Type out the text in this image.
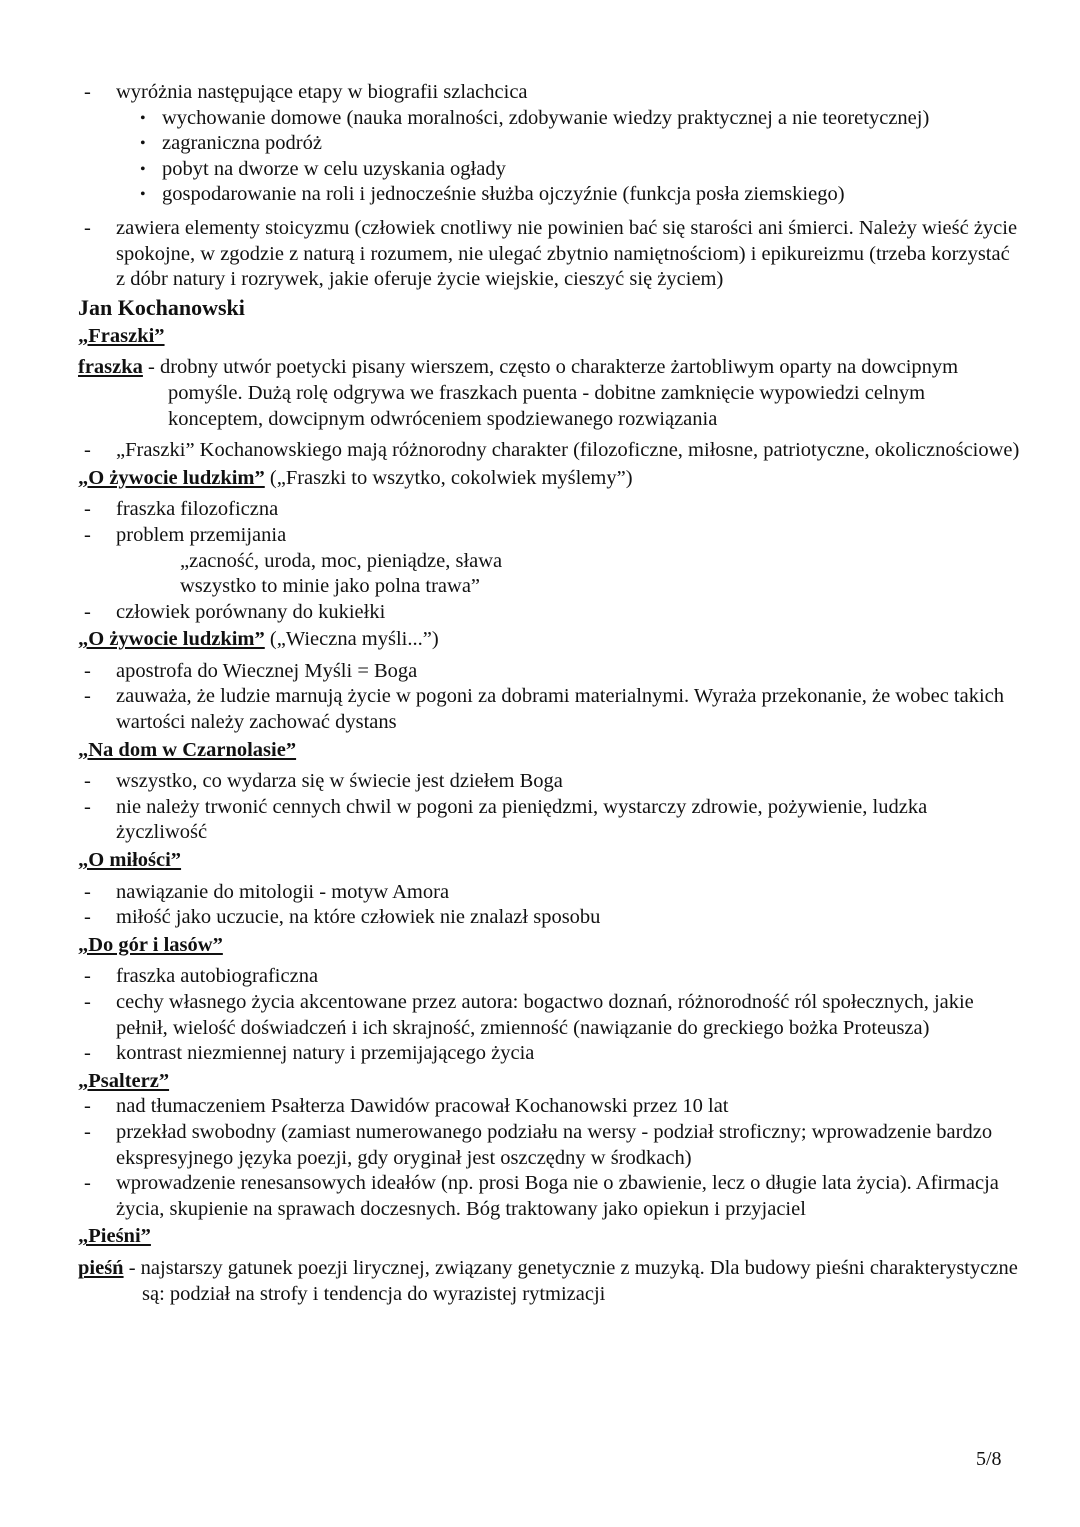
- wyróżnia następujące etapy w biografii szlachcica
• wychowanie domowe (nauka moralności, zdobywanie wiedzy praktycznej a nie teoretycznej)
• zagraniczna podróż
• pobyt na dworze w celu uzyskania ogłady
• gospodarowanie na roli i jednocześnie służba ojczyźnie (funkcja posła ziemskiego)
- zawiera elementy stoicyzmu (człowiek cnotliwy nie powinien bać się starości ani śmierci. Należy wieść życie spokojne, w zgodzie z naturą i rozumem, nie ulegać zbytnio namiętnościom) i epikureizmu (trzeba korzystać z dóbr natury i rozrywek, jakie oferuje życie wiejskie, cieszyć się życiem)
Jan Kochanowski
„Fraszki”
fraszka - drobny utwór poetycki pisany wierszem, często o charakterze żartobliwym oparty na dowcipnym pomyśle. Dużą rolę odgrywa we fraszkach puenta - dobitne zamknięcie wypowiedzi celnym konceptem, dowcipnym odwróceniem spodziewanego rozwiązania
- „Fraszki” Kochanowskiego mają różnorodny charakter (filozoficzne, miłosne, patriotyczne, okolicznościowe)
„O żywocie ludzkim” („Fraszki to wszytko, cokolwiek myślemy”)
- fraszka filozoficzna
- problem przemijania
„zacność, uroda, moc, pieniądze, sława
wszystko to minie jako polna trawa”
- człowiek porównany do kukiełki
„O żywocie ludzkim” („Wieczna myśli...”)
- apostrofa do Wiecznej Myśli = Boga
- zauważa, że ludzie marnują życie w pogoni za dobrami materialnymi. Wyraża przekonanie, że wobec takich wartości należy zachować dystans
„Na dom w Czarnolasie”
- wszystko, co wydarza się w świecie jest dziełem Boga
- nie należy trwonić cennych chwil w pogoni za pieniędzmi, wystarczy zdrowie, pożywienie, ludzka życzliwość
„O miłości”
- nawiązanie do mitologii - motyw Amora
- miłość jako uczucie, na które człowiek nie znalazł sposobu
„Do gór i lasów”
- fraszka autobiograficzna
- cechy własnego życia akcentowane przez autora: bogactwo doznań, różnorodność ról społecznych, jakie pełnił, wielość doświadczeń i ich skrajność, zmienność (nawiązanie do greckiego bożka Proteusza)
- kontrast niezmiennej natury i przemijającego życia
„Psalterz”
- nad tłumaczeniem Psałterza Dawidów pracował Kochanowski przez 10 lat
- przekład swobodny (zamiast numerowanego podziału na wersy - podział stroficzny; wprowadzenie bardzo ekspresyjnego języka poezji, gdy oryginał jest oszczędny w środkach)
- wprowadzenie renesansowych ideałów (np. prosi Boga nie o zbawienie, lecz o długie lata życia). Afirmacja życia, skupienie na sprawach doczesnych. Bóg traktowany jako opiekun i przyjaciel
„Pieśni”
pieśń - najstarszy gatunek poezji lirycznej, związany genetycznie z muzyką. Dla budowy pieśni charakterystyczne są: podział na strofy i tendencja do wyrazistej rytmizacji
5/8
